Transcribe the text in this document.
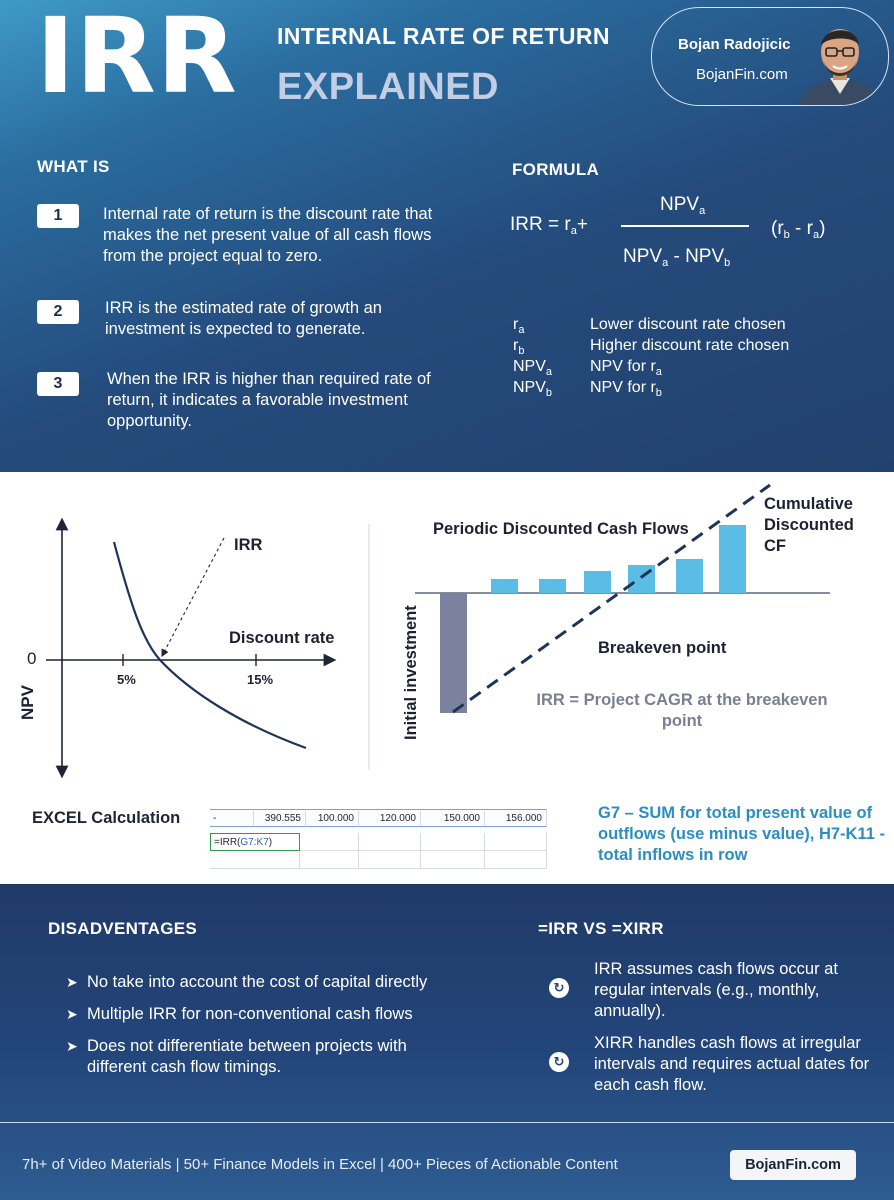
IRR INTERNAL RATE OF RETURN
EXPLAINED
Bojan Radojicic
BojanFin.com
WHAT IS
1	Internal rate of return is the discount rate that makes the net present value of all cash flows from the project equal to zero.
2	IRR is the estimated rate of growth an investment is expected to generate.
3	When the IRR is higher than required rate of return, it indicates a favorable investment opportunity.
FORMULA
IRR = $r_a+$
$NPV_a$
$NPV_a - NPV_b$
$(r_b - r_a)$
$r_a$	Lower discount rate chosen
$r_b$	Higher discount rate chosen
$NPV_a$	NPV for $r_a$
$NPV_b$	NPV for $r_b$
NPV
0
Discount rate
5%	15%
IRR
Periodic Discounted Cash Flows
Cumulative
Discounted
CF
Breakeven point
Initial investment	IRR = Project CAGR at the breakeven
point
EXCEL Calculation	-	390.555	100.000	120.000	150.000	156.000
=IRR(G7:K7)
G7 – SUM for total present value of outflows (use minus value), H7-K11 - total inflows in row
DISADVENTAGES
➤ No take into account the cost of capital directly
➤ Multiple IRR for non-conventional cash flows
➤ Does not differentiate between projects with different cash flow timings.
=IRR VS =XIRR
↻
IRR assumes cash flows occur at regular intervals (e.g., monthly, annually).
↻
XIRR handles cash flows at irregular intervals and requires actual dates for each cash flow.
7h+ of Video Materials | 50+ Finance Models in Excel | 400+ Pieces of Actionable Content	BojanFin.com
